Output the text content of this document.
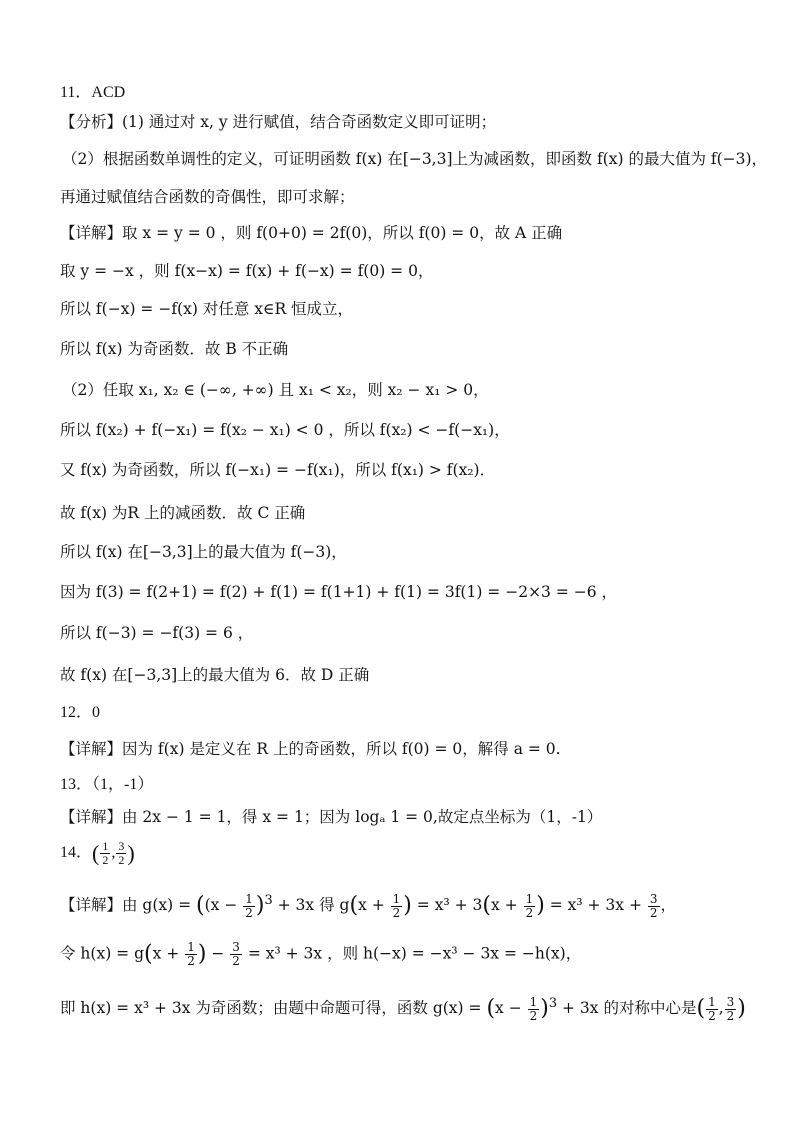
11．ACD
【分析】(1) 通过对 x, y 进行赋值，结合奇函数定义即可证明；
（2）根据函数单调性的定义，可证明函数 f(x) 在[−3,3]上为减函数，即函数 f(x) 的最大值为 f(−3)，
再通过赋值结合函数的奇偶性，即可求解；
【详解】取 x = y = 0 ，则 f(0+0) = 2f(0)，所以 f(0) = 0，故 A 正确
取 y = −x ，则 f(x−x) = f(x) + f(−x) = f(0) = 0，
所以 f(−x) = −f(x) 对任意 x∈R 恒成立，
所以 f(x) 为奇函数．故 B 不正确
（2）任取 x₁, x₂ ∈ (−∞, +∞) 且 x₁ < x₂，则 x₂ − x₁ > 0，
所以 f(x₂) + f(−x₁) = f(x₂ − x₁) < 0 ，所以 f(x₂) < −f(−x₁)，
又 f(x) 为奇函数，所以 f(−x₁) = −f(x₁)，所以 f(x₁) > f(x₂)．
故 f(x) 为R 上的减函数．故 C 正确
所以 f(x) 在[−3,3]上的最大值为 f(−3)，
因为 f(3) = f(2+1) = f(2) + f(1) = f(1+1) + f(1) = 3f(1) = −2×3 = −6 ，
所以 f(−3) = −f(3) = 6 ，
故 f(x) 在[−3,3]上的最大值为 6．故 D 正确
12．0
【详解】因为 f(x) 是定义在 R 上的奇函数，所以 f(0) = 0，解得 a = 0.
13．（1，-1）
【详解】由 2x − 1 = 1，得 x = 1；因为 logₐ 1 = 0,故定点坐标为（1，-1）
14．( $\frac{1}{2}$ , $\frac{3}{2}$ )
【详解】由 $g(x) = ((x - \frac{1}{2} )^3 + 3x$ 得 $g(x + \frac{1}{2}$ ) = $x^3 + 3(x + \frac{1}{2}$ ) = $x^3 + 3x + \frac{3}{2}$ ，
令 $h(x) = g(x + \frac{1}{2}$ ) − $\frac{3}{2} = x^3 + 3x$ ，则 h(−x) = −x³ − 3x = −h(x)，
即 h(x) = x³ + 3x 为奇函数；由题中命题可得，函数 $g(x) = (x - \frac{1}{2} )^3 + 3x$ 的对称中心是( $\frac{1}{2}$ , $\frac{3}{2}$ )
